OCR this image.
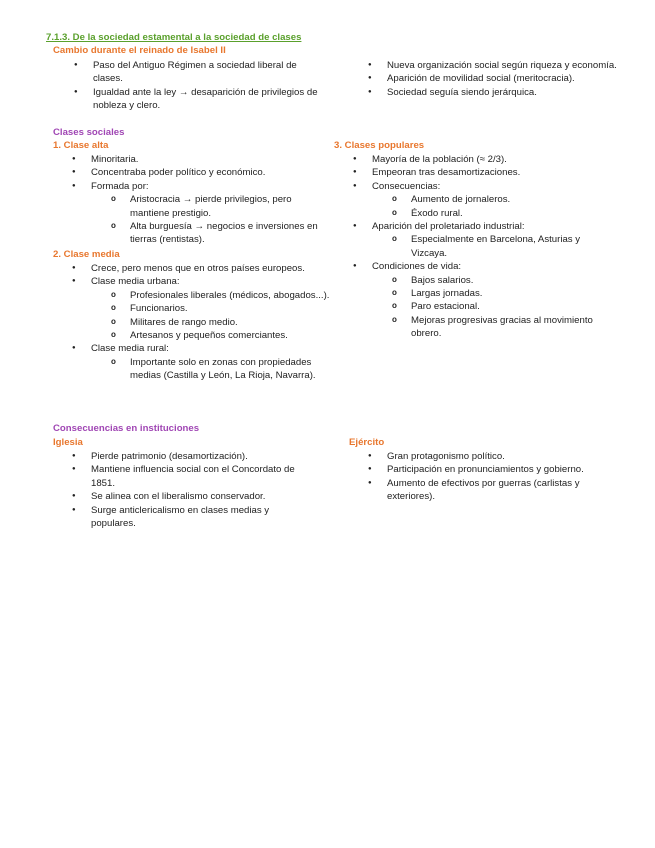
7.1.3. De la sociedad estamental a la sociedad de clases
Cambio durante el reinado de Isabel II
● Paso del Antiguo Régimen a sociedad liberal de clases.
● Igualdad ante la ley → desaparición de privilegios de nobleza y clero.
● Nueva organización social según riqueza y economía.
● Aparición de movilidad social (meritocracia).
● Sociedad seguía siendo jerárquica.
Clases sociales
1. Clase alta
● Minoritaria.
● Concentraba poder político y económico.
● Formada por:
o Aristocracia → pierde privilegios, pero mantiene prestigio.
o Alta burguesía → negocios e inversiones en tierras (rentistas).
2. Clase media
● Crece, pero menos que en otros países europeos.
● Clase media urbana:
o Profesionales liberales (médicos, abogados...).
o Funcionarios.
o Militares de rango medio.
o Artesanos y pequeños comerciantes.
● Clase media rural:
o Importante solo en zonas con propiedades medias (Castilla y León, La Rioja, Navarra).
3. Clases populares
● Mayoría de la población (≈ 2/3).
● Empeoran tras desamortizaciones.
● Consecuencias:
o Aumento de jornaleros.
o Éxodo rural.
● Aparición del proletariado industrial:
o Especialmente en Barcelona, Asturias y Vizcaya.
● Condiciones de vida:
o Bajos salarios.
o Largas jornadas.
o Paro estacional.
o Mejoras progresivas gracias al movimiento obrero.
Consecuencias en instituciones
Iglesia
● Pierde patrimonio (desamortización).
● Mantiene influencia social con el Concordato de 1851.
● Se alinea con el liberalismo conservador.
● Surge anticlericalismo en clases medias y populares.
Ejército
● Gran protagonismo político.
● Participación en pronunciamientos y gobierno.
● Aumento de efectivos por guerras (carlistas y exteriores).
